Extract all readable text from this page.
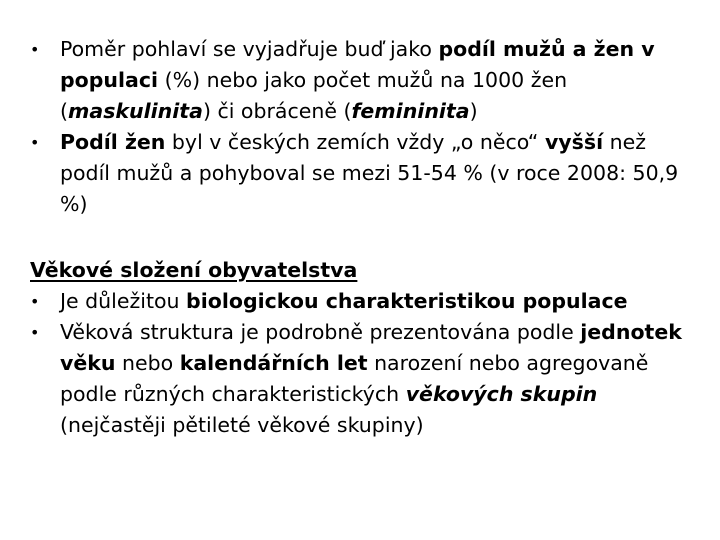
•	Poměr pohlaví se vyjadřuje buď jako podíl mužů a žen v populaci (%) nebo jako počet mužů na 1000 žen (maskulinita) či obráceně (femininita)
•	Podíl žen byl v českých zemích vždy „o něco“ vyšší než podíl mužů a pohyboval se mezi 51-54 % (v roce 2008: 50,9 %)

Věkové složení obyvatelstva

•	Je důležitou biologickou charakteristikou populace
•	Věková struktura je podrobně prezentována podle jednotek věku nebo kalendářních let narození nebo agregovaně podle různých charakteristických věkových skupin (nejčastěji pětileté věkové skupiny)
